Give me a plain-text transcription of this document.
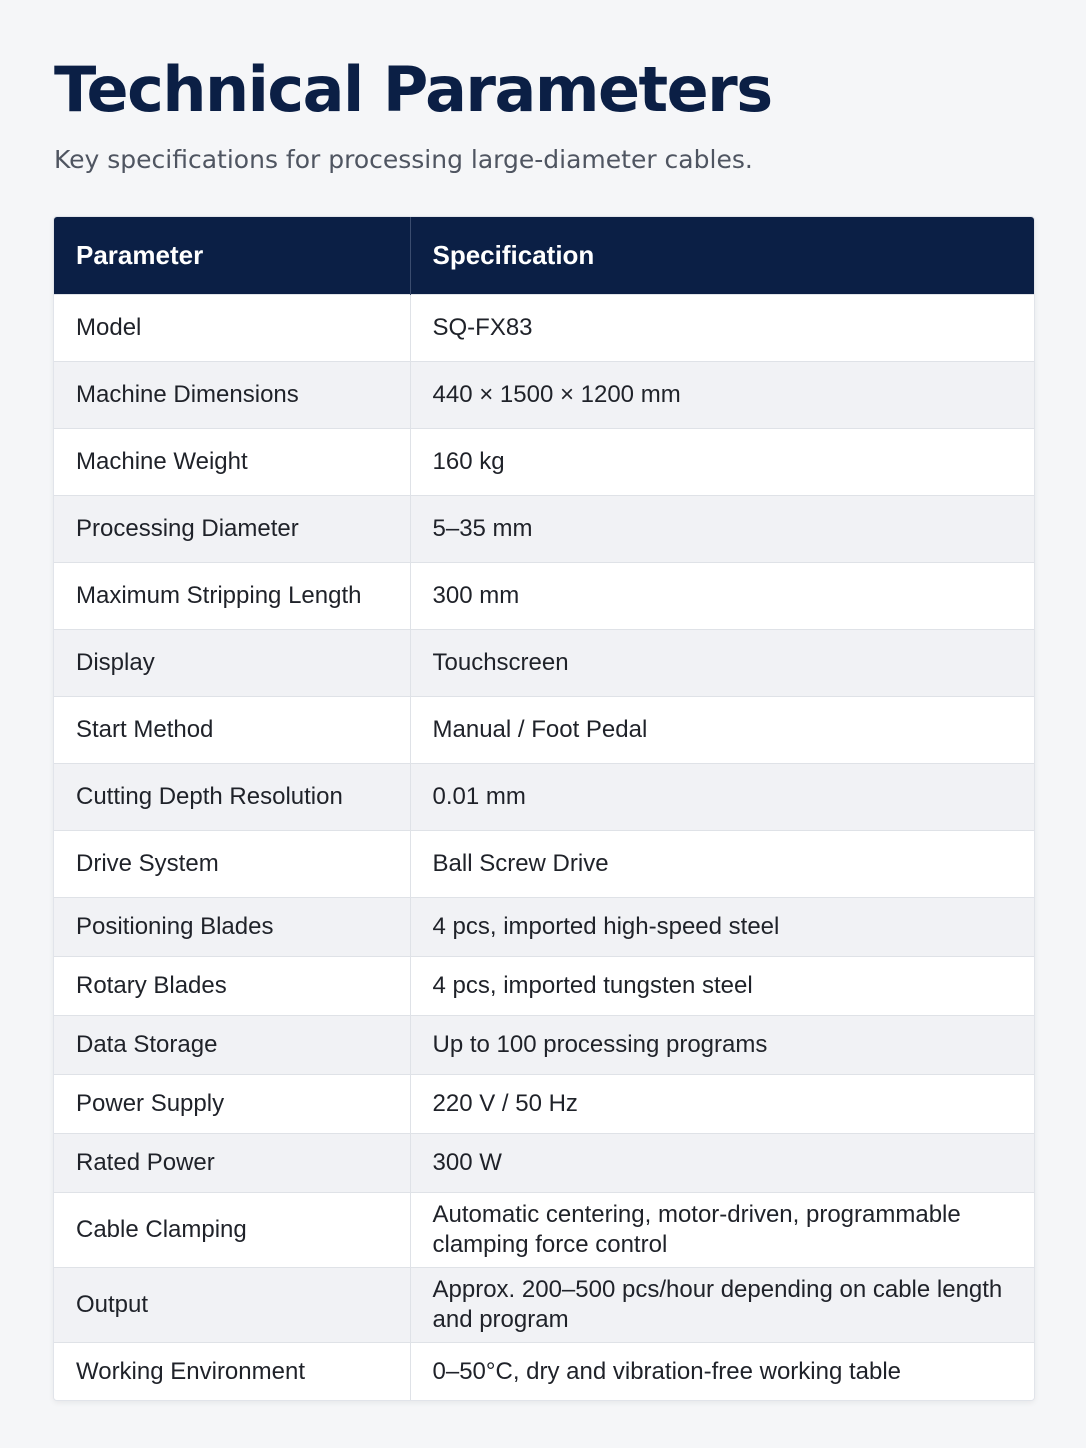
Technical Parameters

Key specifications for processing large-diameter cables.

Parameter	Specification
Model	SQ-FX83
Machine Dimensions	440 × 1500 × 1200 mm
Machine Weight	160 kg
Processing Diameter	5–35 mm
Maximum Stripping Length	300 mm
Display	Touchscreen
Start Method	Manual / Foot Pedal
Cutting Depth Resolution	0.01 mm
Drive System	Ball Screw Drive
Positioning Blades	4 pcs, imported high-speed steel
Rotary Blades	4 pcs, imported tungsten steel
Data Storage	Up to 100 processing programs
Power Supply	220 V / 50 Hz
Rated Power	300 W
Cable Clamping	Automatic centering, motor-driven, programmable clamping force control
Output	Approx. 200–500 pcs/hour depending on cable length and program
Working Environment	0–50°C, dry and vibration-free working table
